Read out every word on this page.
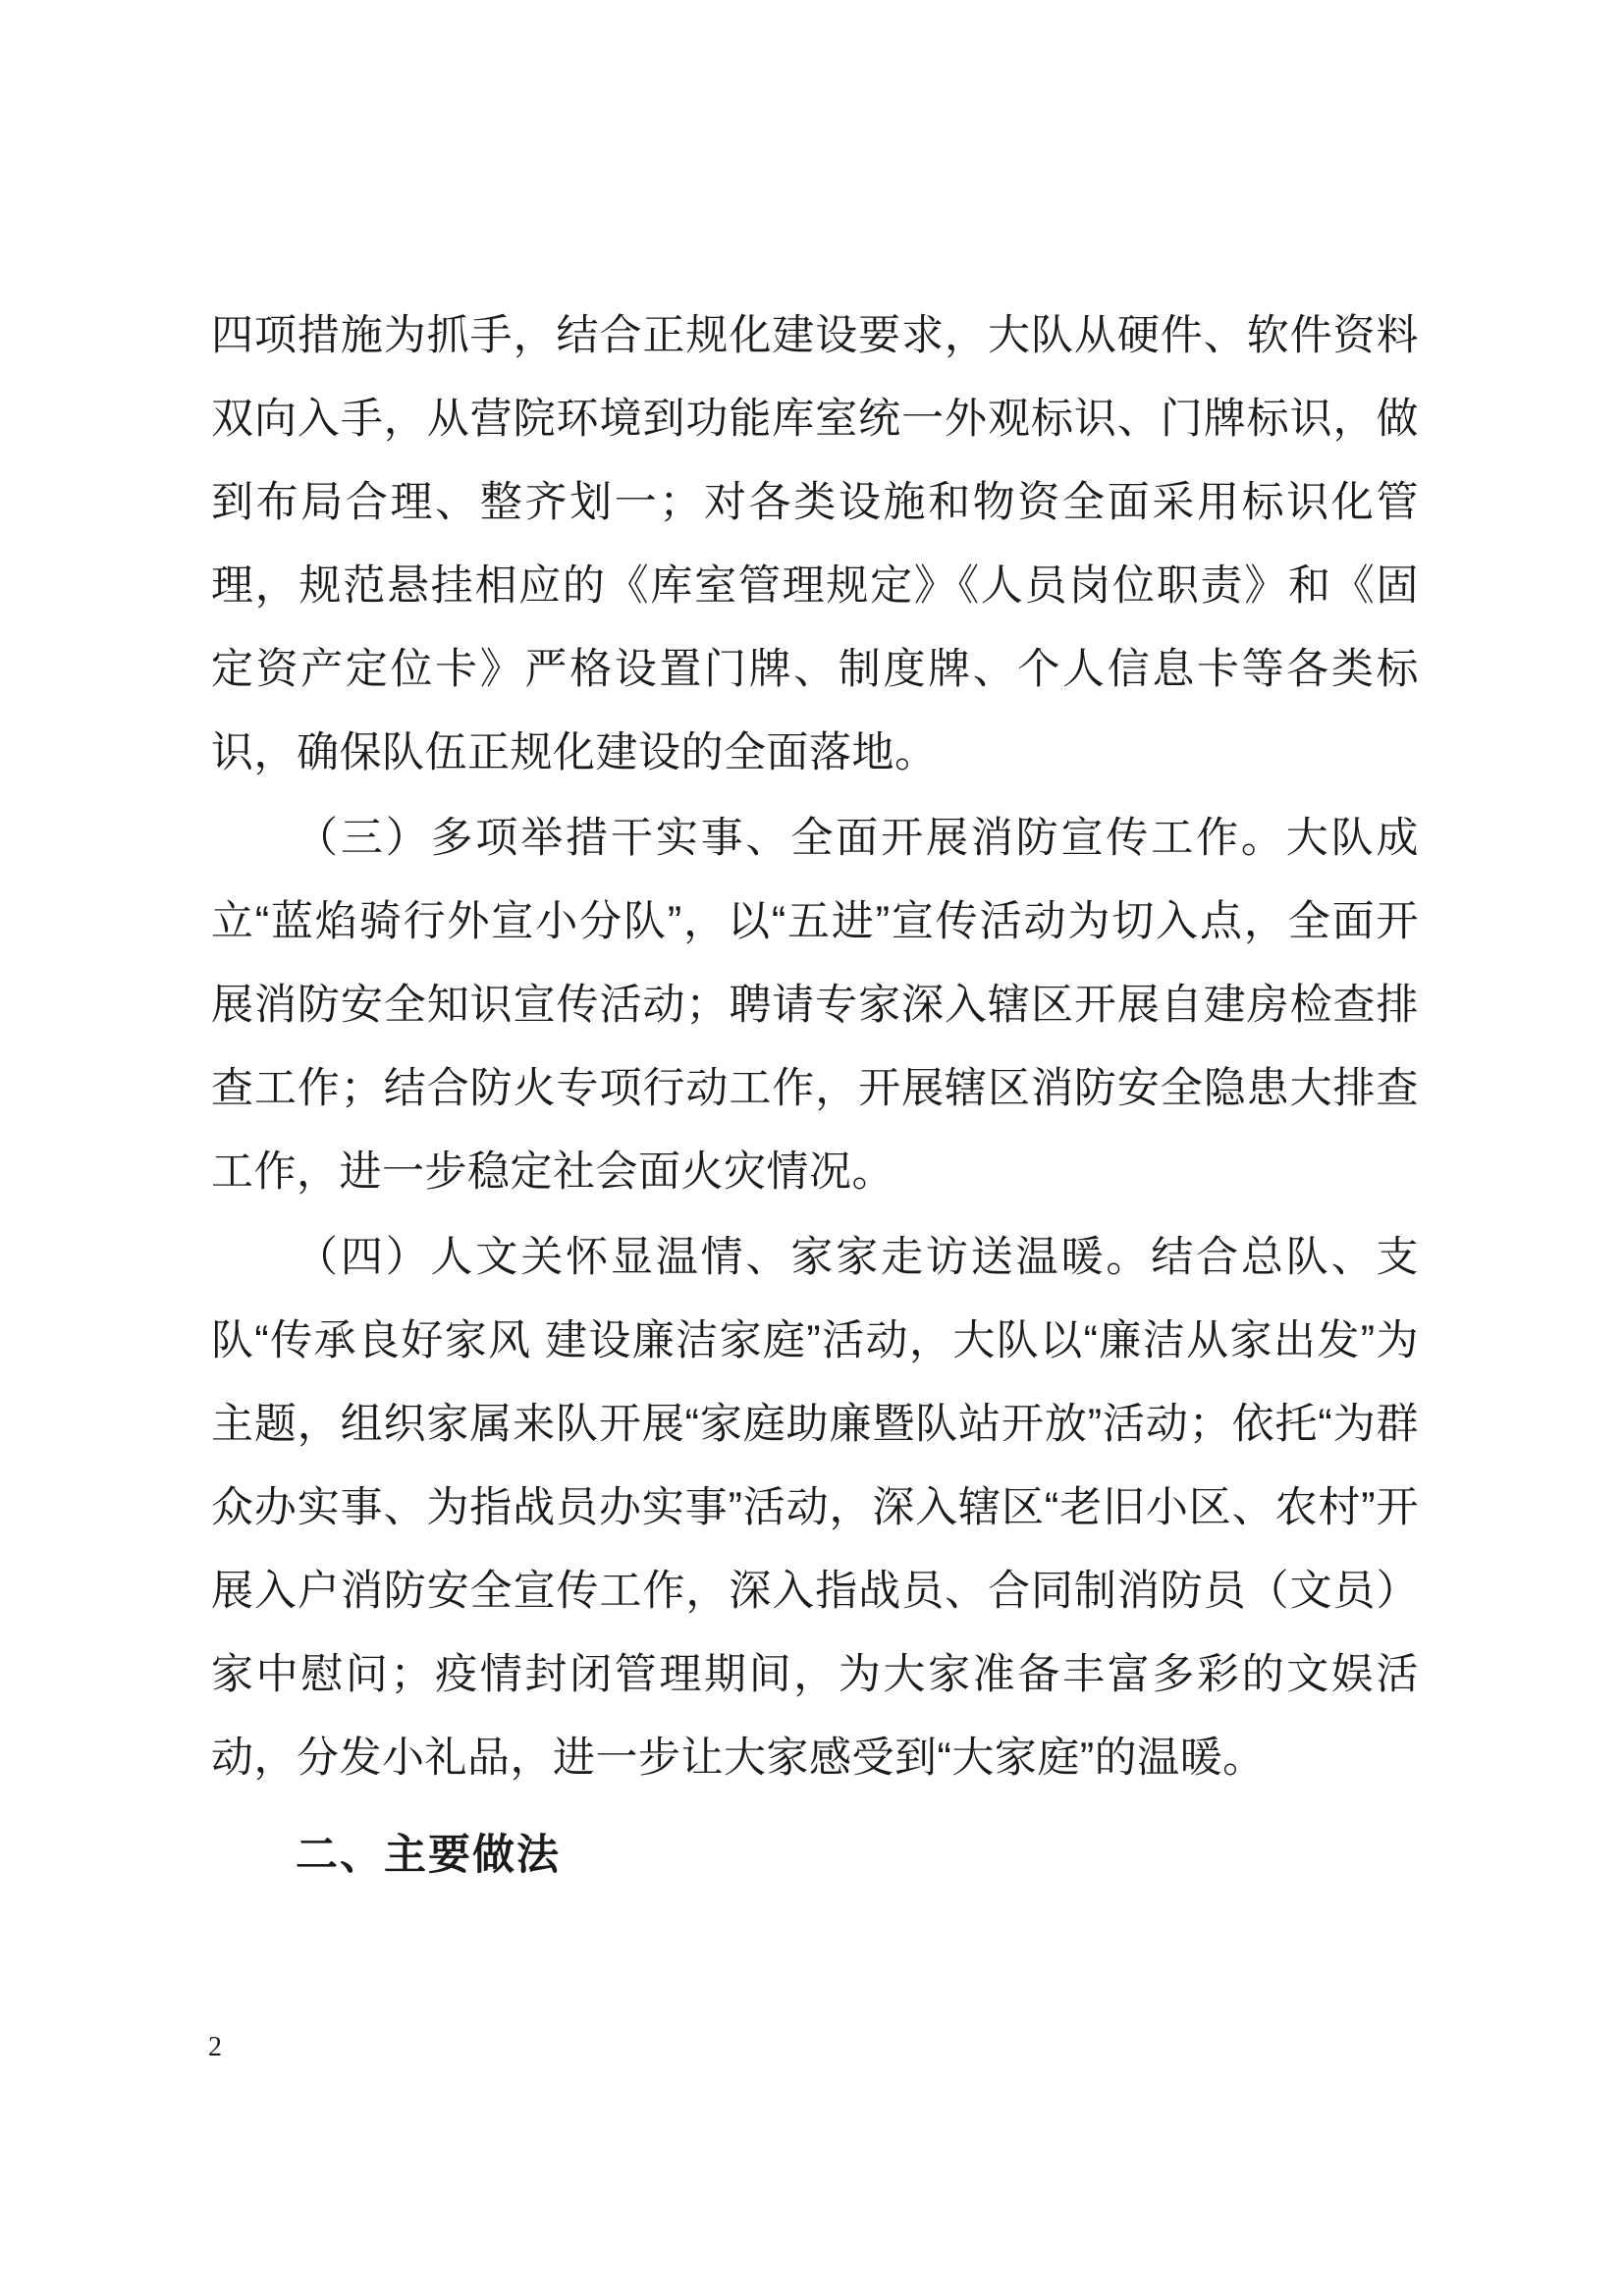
四项措施为抓手，结合正规化建设要求，大队从硬件、软件资料双向入手，从营院环境到功能库室统一外观标识、门牌标识，做到布局合理、整齐划一；对各类设施和物资全面采用标识化管理，规范悬挂相应的《库室管理规定》《人员岗位职责》和《固定资产定位卡》严格设置门牌、制度牌、个人信息卡等各类标识，确保队伍正规化建设的全面落地。

（三）多项举措干实事、全面开展消防宣传工作。大队成立“蓝焰骑行外宣小分队”，以“五进”宣传活动为切入点，全面开展消防安全知识宣传活动；聘请专家深入辖区开展自建房检查排查工作；结合防火专项行动工作，开展辖区消防安全隐患大排查工作，进一步稳定社会面火灾情况。

（四）人文关怀显温情、家家走访送温暖。结合总队、支队“传承良好家风 建设廉洁家庭”活动，大队以“廉洁从家出发”为主题，组织家属来队开展“家庭助廉暨队站开放”活动；依托“为群众办实事、为指战员办实事”活动，深入辖区“老旧小区、农村”开展入户消防安全宣传工作，深入指战员、合同制消防员（文员）家中慰问；疫情封闭管理期间，为大家准备丰富多彩的文娱活动，分发小礼品，进一步让大家感受到“大家庭”的温暖。

二、主要做法

2
